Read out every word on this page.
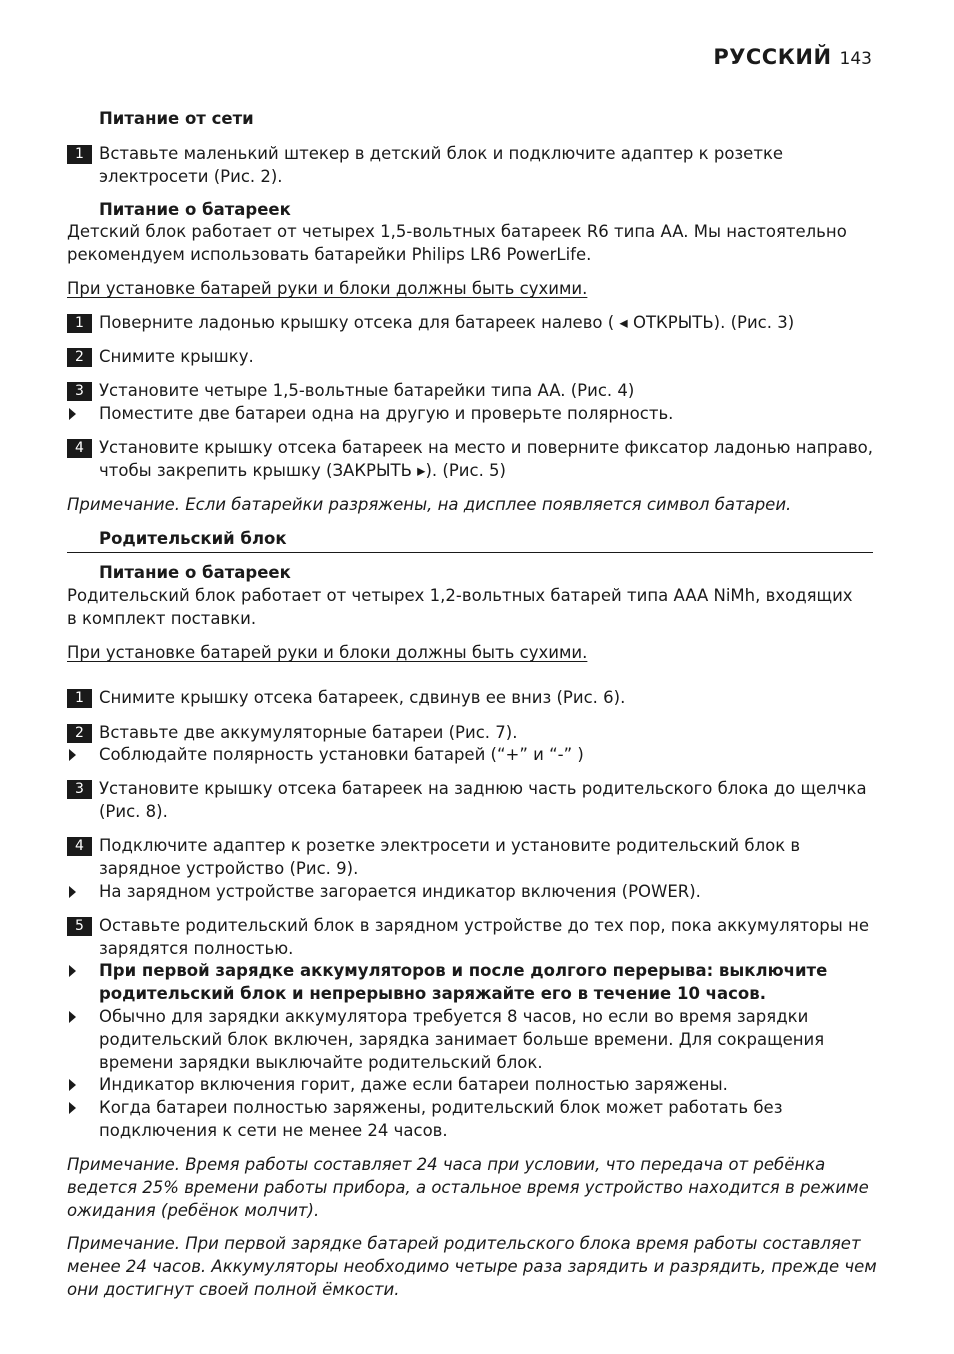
РУССКИЙ 143
Питание от сети
1 Вставьте маленький штекер в детский блок и подключите адаптер к розетке электросети (Рис. 2).
Питание о батареек
Детский блок работает от четырех 1,5-вольтных батареек R6 типа AA. Мы настоятельно рекомендуем использовать батарейки Philips LR6 PowerLife.
При установке батарей руки и блоки должны быть сухими.
1 Поверните ладонью крышку отсека для батареек налево ( ◂ ОТКРЫТЬ). (Рис. 3)
2 Снимите крышку.
3 Установите четыре 1,5-вольтные батарейки типа AA. (Рис. 4)
Поместите две батареи одна на другую и проверьте полярность.
4 Установите крышку отсека батареек на место и поверните фиксатор ладонью направо, чтобы закрепить крышку (ЗАКРЫТЬ ▸). (Рис. 5)
Примечание. Если батарейки разряжены, на дисплее появляется символ батареи.
Родительский блок
Питание о батареек
Родительский блок работает от четырех 1,2-вольтных батарей типа AAA NiMh, входящих в комплект поставки.
При установке батарей руки и блоки должны быть сухими.
1 Снимите крышку отсека батареек, сдвинув ее вниз (Рис. 6).
2 Вставьте две аккумуляторные батареи (Рис. 7).
Соблюдайте полярность установки батарей (“+” и “-” )
3 Установите крышку отсека батареек на заднюю часть родительского блока до щелчка (Рис. 8).
4 Подключите адаптер к розетке электросети и установите родительский блок в зарядное устройство (Рис. 9).
На зарядном устройстве загорается индикатор включения (POWER).
5 Оставьте родительский блок в зарядном устройстве до тех пор, пока аккумуляторы не зарядятся полностью.
При первой зарядке аккумуляторов и после долгого перерыва: выключите родительский блок и непрерывно заряжайте его в течение 10 часов.
Обычно для зарядки аккумулятора требуется 8 часов, но если во время зарядки родительский блок включен, зарядка занимает больше времени. Для сокращения времени зарядки выключайте родительский блок.
Индикатор включения горит, даже если батареи полностью заряжены.
Когда батареи полностью заряжены, родительский блок может работать без подключения к сети не менее 24 часов.
Примечание. Время работы составляет 24 часа при условии, что передача от ребёнка ведется 25% времени работы прибора, а остальное время устройство находится в режиме ожидания (ребёнок молчит).
Примечание. При первой зарядке батарей родительского блока время работы составляет менее 24 часов. Аккумуляторы необходимо четыре раза зарядить и разрядить, прежде чем они достигнут своей полной ёмкости.
